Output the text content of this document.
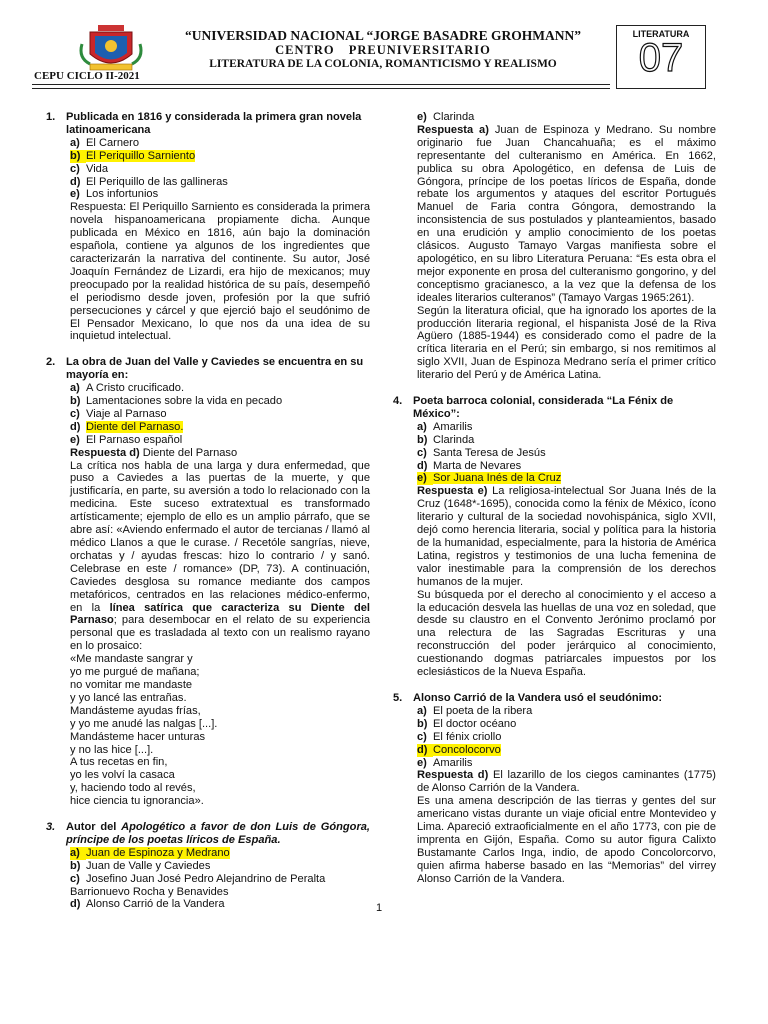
CEPU CICLO II-2021
“UNIVERSIDAD NACIONAL “JORGE BASADRE GROHMANN”
CENTRO PREUNIVERSITARIO
LITERATURA DE LA COLONIA, ROMANTICISMO Y REALISMO
LITERATURA
07
1. Publicada en 1816 y considerada la primera gran novela latinoamericana
a) El Carnero
b) El Periquillo Sarniento
c) Vida
d) El Periquillo de las gallineras
e) Los infortunios
Respuesta: El Periquillo Sarniento es considerada la primera novela hispanoamericana propiamente dicha. Aunque publicada en México en 1816, aún bajo la dominación española, contiene ya algunos de los ingredientes que caracterizarán la narrativa del continente. Su autor, José Joaquín Fernández de Lizardi, era hijo de mexicanos; muy preocupado por la realidad histórica de su país, desempeñó el periodismo desde joven, profesión por la que sufrió persecuciones y cárcel y que ejerció bajo el seudónimo de El Pensador Mexicano, lo que nos da una idea de su inquietud intelectual.
2. La obra de Juan del Valle y Caviedes se encuentra en su mayoría en:
a) A Cristo crucificado.
b) Lamentaciones sobre la vida en pecado
c) Viaje al Parnaso
d) Diente del Parnaso.
e) El Parnaso español
Respuesta d) Diente del Parnaso
La crítica nos habla de una larga y dura enfermedad, que puso a Caviedes a las puertas de la muerte, y que justificaría, en parte, su aversión a todo lo relacionado con la medicina. Este suceso extratextual es transformado artísticamente; ejemplo de ello es un amplio párrafo, que se abre así: «Aviendo enfermado el autor de tercianas / llamó al médico Llanos a que le curase. / Recetóle sangrías, nieve, orchatas y / ayudas frescas: hizo lo contrario / y sanó. Celebrase en este / romance» (DP, 73). A continuación, Caviedes desglosa su romance mediante dos campos metafóricos, centrados en las relaciones médico-enfermo, en la línea satírica que caracteriza su Diente del Parnaso; para desembocar en el relato de su experiencia personal que es trasladada al texto con un realismo rayano en lo prosaico:
«Me mandaste sangrar y
yo me purgué de mañana;
no vomitar me mandaste
y yo lancé las entrañas.
Mandásteme ayudas frías,
y yo me anudé las nalgas [...].
Mandásteme hacer unturas
y no las hice [...].
A tus recetas en fin,
yo les volví la casaca
y, haciendo todo al revés,
hice ciencia tu ignorancia».
3. Autor del Apologético a favor de don Luis de Góngora, príncipe de los poetas líricos de España.
a) Juan de Espinoza y Medrano
b) Juan de Valle y Caviedes
c) Josefino Juan José Pedro Alejandrino de Peralta Barrionuevo Rocha y Benavides
d) Alonso Carrió de la Vandera
e) Clarinda
Respuesta a) Juan de Espinoza y Medrano. Su nombre originario fue Juan Chancahuaña; es el máximo representante del culteranismo en América. En 1662, publica su obra Apologético, en defensa de Luis de Góngora, príncipe de los poetas líricos de España, donde rebate los argumentos y ataques del escritor Portugués Manuel de Faria contra Góngora, demostrando la inconsistencia de sus postulados y planteamientos, basado en una erudición y amplio conocimiento de los poetas clásicos. Augusto Tamayo Vargas manifiesta sobre el apologético, en su libro Literatura Peruana: “Es esta obra el mejor exponente en prosa del culteranismo gongorino, y del conceptismo gracianesco, a la vez que la defensa de los ideales literarios culteranos” (Tamayo Vargas 1965:261).
Según la literatura oficial, que ha ignorado los aportes de la producción literaria regional, el hispanista José de la Riva Agüero (1885-1944) es considerado como el padre de la crítica literaria en el Perú; sin embargo, si nos remitimos al siglo XVII, Juan de Espinoza Medrano sería el primer crítico literario del Perú y de América Latina.
4. Poeta barroca colonial, considerada “La Fénix de México”:
a) Amarilis
b) Clarinda
c) Santa Teresa de Jesús
d) Marta de Nevares
e) Sor Juana Inés de la Cruz
Respuesta e) La religiosa-intelectual Sor Juana Inés de la Cruz (1648*-1695), conocida como la fénix de México, ícono literario y cultural de la sociedad novohispánica, siglo XVII, dejó como herencia literaria, social y política para la historia de la humanidad, especialmente, para la historia de América Latina, registros y testimonios de una lucha femenina de valor inestimable para la comprensión de los derechos humanos de la mujer.
Su búsqueda por el derecho al conocimiento y el acceso a la educación desvela las huellas de una voz en soledad, que desde su claustro en el Convento Jerónimo proclamó por una relectura de las Sagradas Escrituras y una reconstrucción del poder jerárquico al conocimiento, cuestionando dogmas patriarcales impuestos por los eclesiásticos de la Nueva España.
5. Alonso Carrió de la Vandera usó el seudónimo:
a) El poeta de la ribera
b) El doctor océano
c) El fénix criollo
d) Concolocorvo
e) Amarilis
Respuesta d) El lazarillo de los ciegos caminantes (1775) de Alonso Carrión de la Vandera.
Es una amena descripción de las tierras y gentes del sur americano vistas durante un viaje oficial entre Montevideo y Lima. Apareció extraoficialmente en el año 1773, con pie de imprenta en Gijón, España. Como su autor figura Calixto Bustamante Carlos Inga, indio, de apodo Concolorcorvo, quien afirma haberse basado en las “Memorias” del virrey Alonso Carrión de la Vandera.
1
